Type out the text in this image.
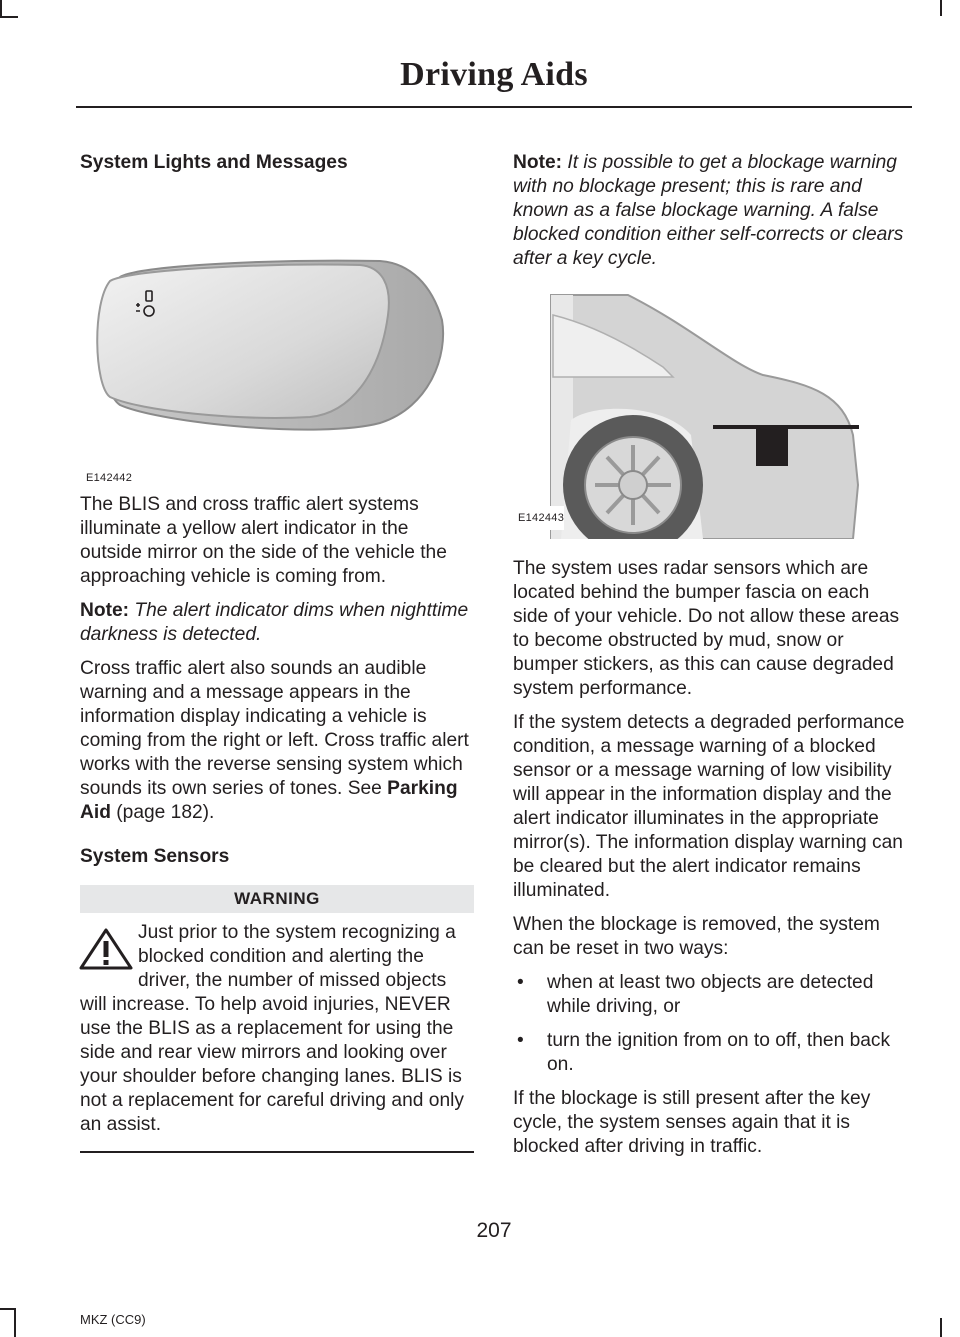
Driving Aids

System Lights and Messages

E142442

The BLIS and cross traffic alert systems illuminate a yellow alert indicator in the outside mirror on the side of the vehicle the approaching vehicle is coming from.

Note: The alert indicator dims when nighttime darkness is detected.

Cross traffic alert also sounds an audible warning and a message appears in the information display indicating a vehicle is coming from the right or left. Cross traffic alert works with the reverse sensing system which sounds its own series of tones. See Parking Aid (page 182).

System Sensors

WARNING
Just prior to the system recognizing a blocked condition and alerting the driver, the number of missed objects will increase. To help avoid injuries, NEVER use the BLIS as a replacement for using the side and rear view mirrors and looking over your shoulder before changing lanes. BLIS is not a replacement for careful driving and only an assist.

Note: It is possible to get a blockage warning with no blockage present; this is rare and known as a false blockage warning. A false blocked condition either self-corrects or clears after a key cycle.

E142443

The system uses radar sensors which are located behind the bumper fascia on each side of your vehicle. Do not allow these areas to become obstructed by mud, snow or bumper stickers, as this can cause degraded system performance.

If the system detects a degraded performance condition, a message warning of a blocked sensor or a message warning of low visibility will appear in the information display and the alert indicator illuminates in the appropriate mirror(s). The information display warning can be cleared but the alert indicator remains illuminated.

When the blockage is removed, the system can be reset in two ways:

• when at least two objects are detected while driving, or
• turn the ignition from on to off, then back on.

If the blockage is still present after the key cycle, the system senses again that it is blocked after driving in traffic.

207
MKZ (CC9)
